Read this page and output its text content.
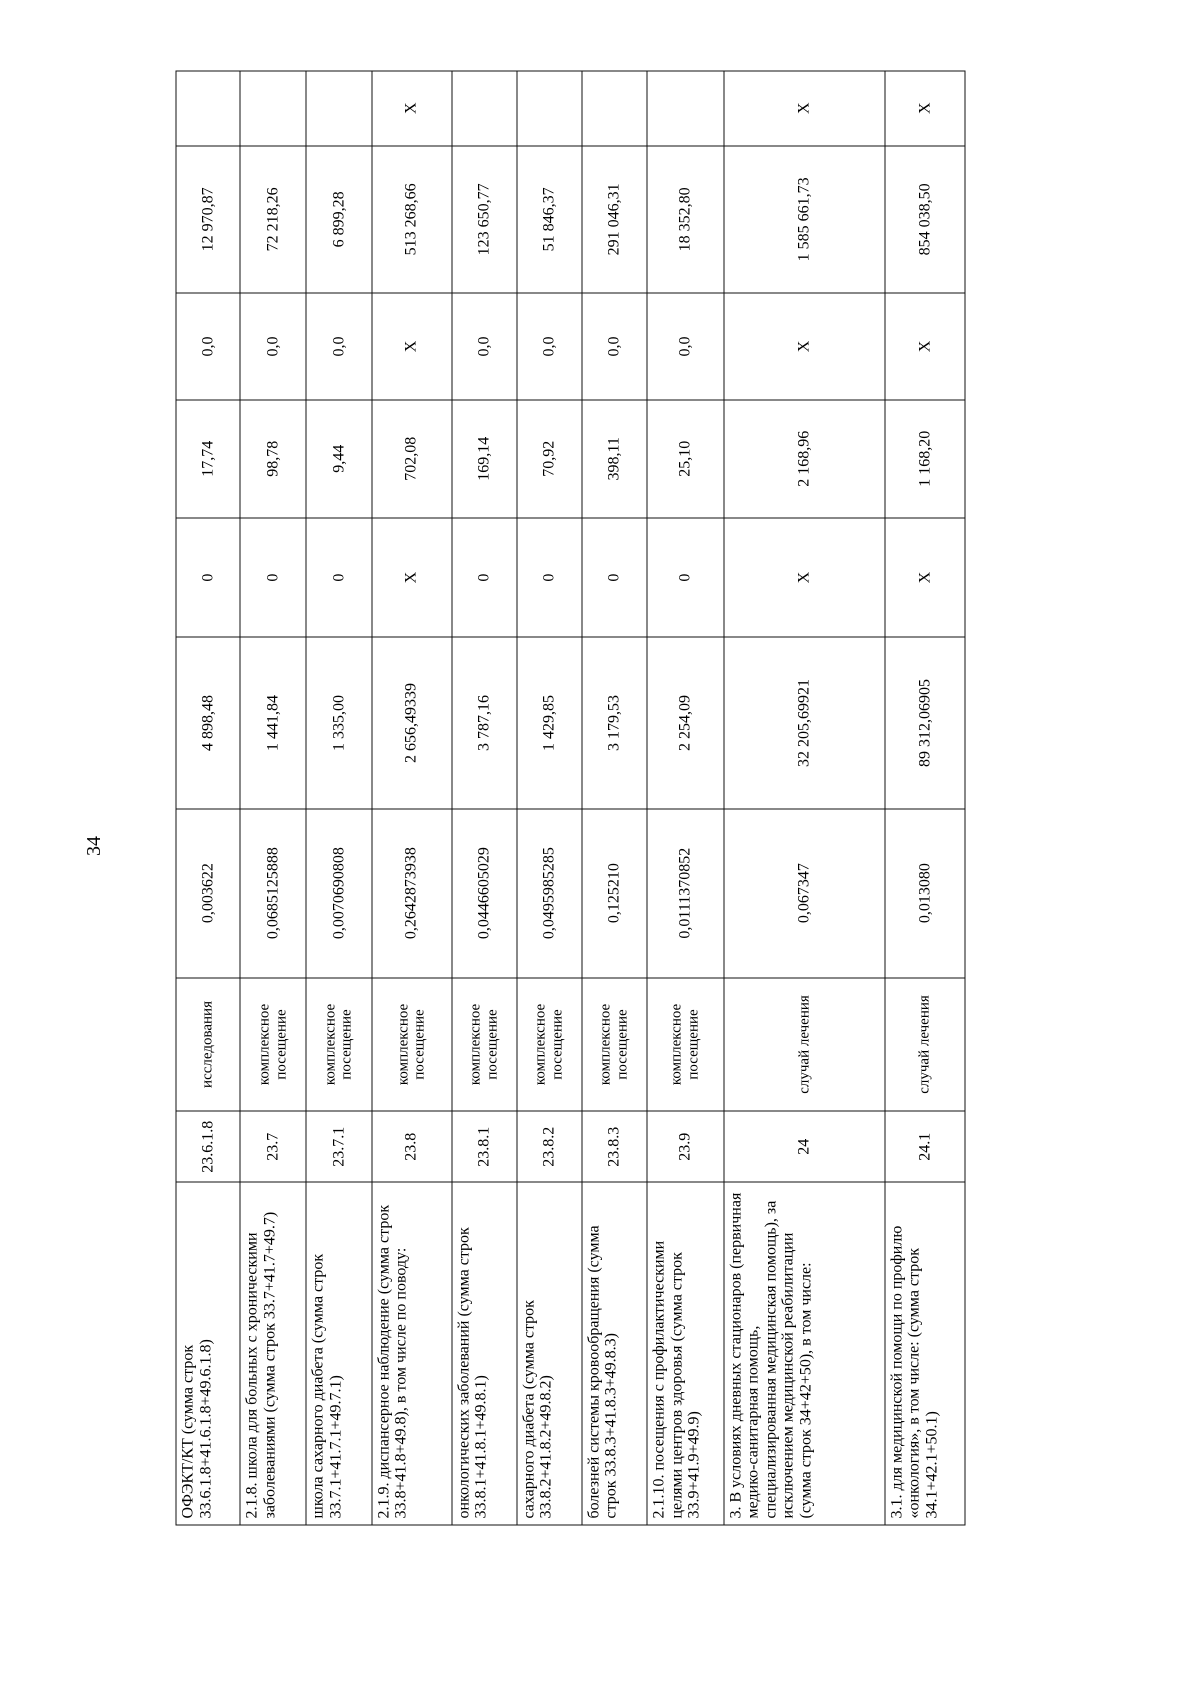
34
ОФЭКТ/КТ (сумма строк 33.6.1.8+41.6.1.8+49.6.1.8)	23.6.1.8	исследования	0,003622	4 898,48	0	17,74	0,0	12 970,87	
2.1.8. школа для больных с хроническими заболеваниями (сумма строк 33.7+41.7+49.7)	23.7	комплексное посещение	0,0685125888	1 441,84	0	98,78	0,0	72 218,26	
школа сахарного диабета (сумма строк 33.7.1+41.7.1+49.7.1)	23.7.1	комплексное посещение	0,0070690808	1 335,00	0	9,44	0,0	6 899,28	
2.1.9. диспансерное наблюдение (сумма строк 33.8+41.8+49.8), в том числе по поводу:	23.8	комплексное посещение	0,2642873938	2 656,49339	Х	702,08	Х	513 268,66	Х
онкологических заболеваний (сумма строк 33.8.1+41.8.1+49.8.1)	23.8.1	комплексное посещение	0,0446605029	3 787,16	0	169,14	0,0	123 650,77	
сахарного диабета (сумма строк 33.8.2+41.8.2+49.8.2)	23.8.2	комплексное посещение	0,0495985285	1 429,85	0	70,92	0,0	51 846,37	
болезней системы кровообращения (сумма строк 33.8.3+41.8.3+49.8.3)	23.8.3	комплексное посещение	0,125210	3 179,53	0	398,11	0,0	291 046,31	
2.1.10. посещения с профилактическими целями центров здоровья (сумма строк 33.9+41.9+49.9)	23.9	комплексное посещение	0,0111370852	2 254,09	0	25,10	0,0	18 352,80	
3. В условиях дневных стационаров (первичная медико-санитарная помощь, специализированная медицинская помощь), за исключением медицинской реабилитации (сумма строк 34+42+50), в том числе:	24	случай лечения	0,067347	32 205,69921	Х	2 168,96	Х	1 585 661,73	Х
3.1. для медицинской помощи по профилю «онкология», в том числе: (сумма строк 34.1+42.1+50.1)	24.1	случай лечения	0,013080	89 312,06905	Х	1 168,20	Х	854 038,50	Х
